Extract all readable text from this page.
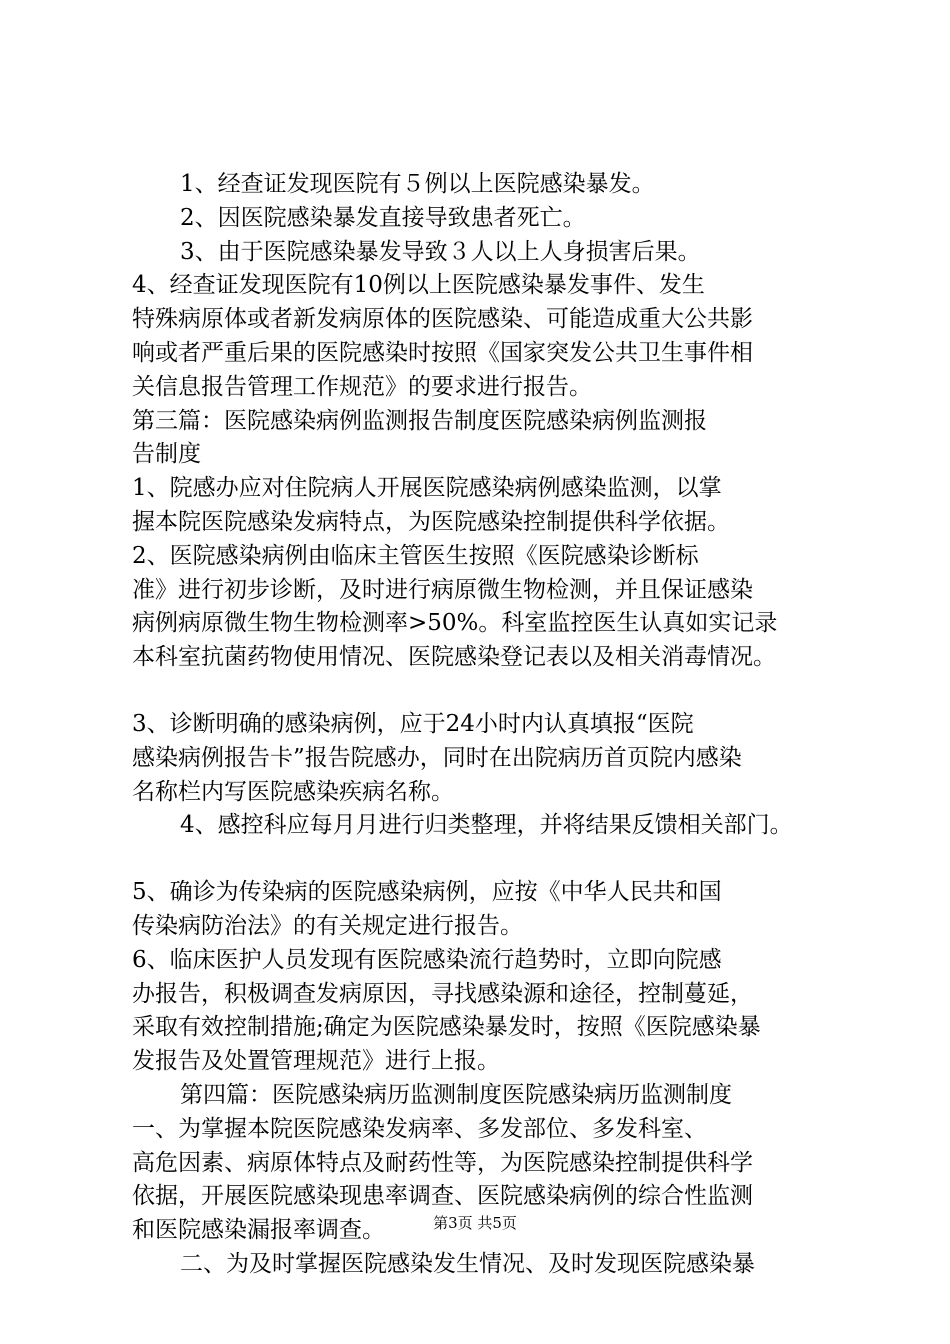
1、经查证发现医院有５例以上医院感染暴发。

2、因医院感染暴发直接导致患者死亡。

3、由于医院感染暴发导致３人以上人身损害后果。

4、经查证发现医院有10例以上医院感染暴发事件、发生
特殊病原体或者新发病原体的医院感染、可能造成重大公共影
响或者严重后果的医院感染时按照《国家突发公共卫生事件相
关信息报告管理工作规范》的要求进行报告。

第三篇：医院感染病例监测报告制度医院感染病例监测报
告制度

1、院感办应对住院病人开展医院感染病例感染监测，以掌
握本院医院感染发病特点，为医院感染控制提供科学依据。

2、医院感染病例由临床主管医生按照《医院感染诊断标
准》进行初步诊断，及时进行病原微生物检测，并且保证感染
病例病原微生物生物检测率>50%。科室监控医生认真如实记录
本科室抗菌药物使用情况、医院感染登记表以及相关消毒情况。

3、诊断明确的感染病例，应于24小时内认真填报“医院
感染病例报告卡”报告院感办，同时在出院病历首页院内感染
名称栏内写医院感染疾病名称。

4、感控科应每月月进行归类整理，并将结果反馈相关部门。

5、确诊为传染病的医院感染病例，应按《中华人民共和国
传染病防治法》的有关规定进行报告。

6、临床医护人员发现有医院感染流行趋势时，立即向院感
办报告，积极调查发病原因，寻找感染源和途径，控制蔓延，
采取有效控制措施;确定为医院感染暴发时，按照《医院感染暴
发报告及处置管理规范》进行上报。

第四篇：医院感染病历监测制度医院感染病历监测制度

一、为掌握本院医院感染发病率、多发部位、多发科室、
高危因素、病原体特点及耐药性等，为医院感染控制提供科学
依据，开展医院感染现患率调查、医院感染病例的综合性监测
和医院感染漏报率调查。

二、为及时掌握医院感染发生情况、及时发现医院感染暴

第3页 共5页
